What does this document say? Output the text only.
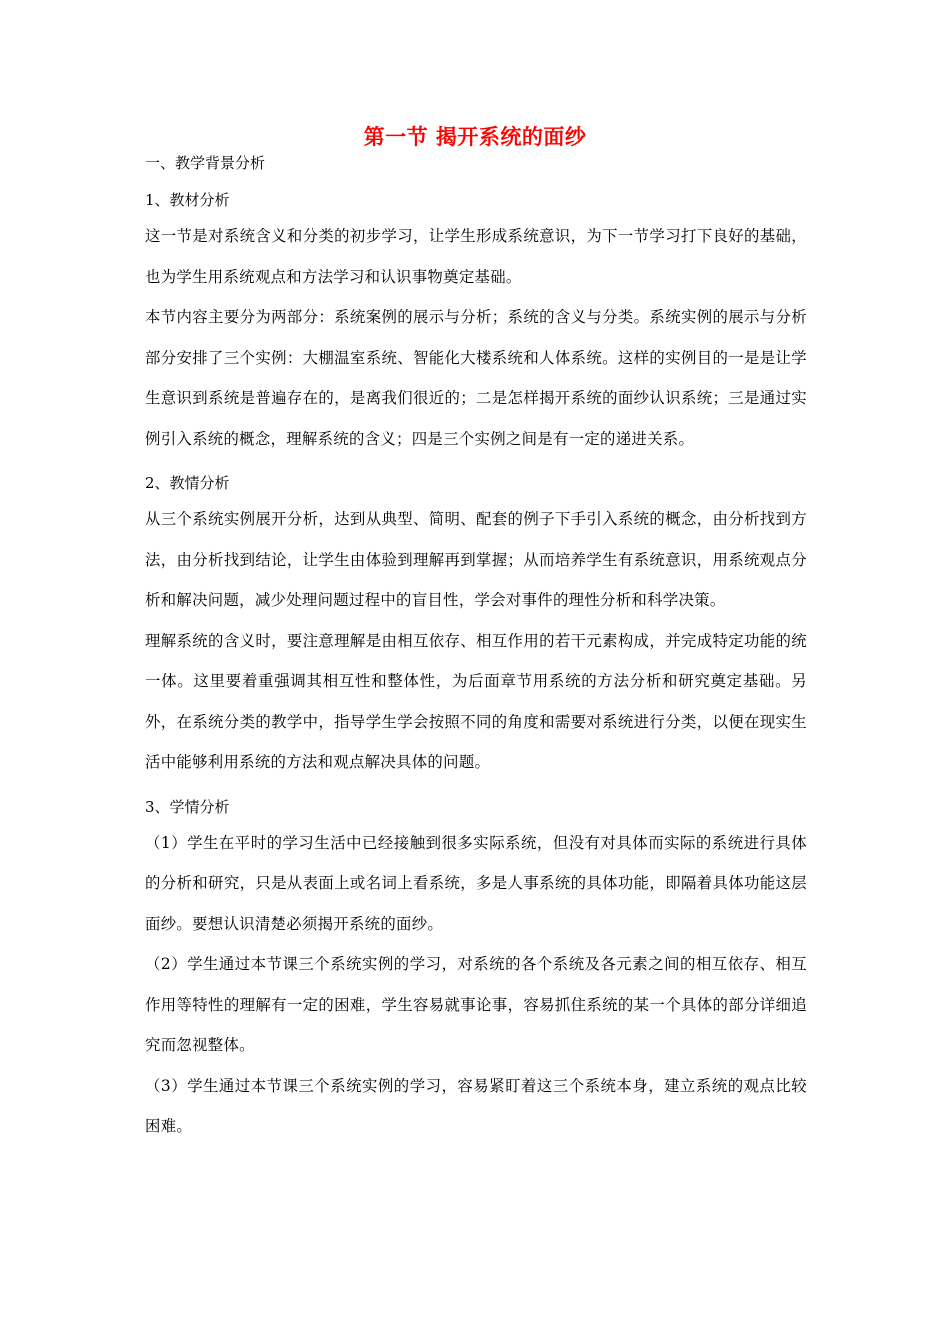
第一节 揭开系统的面纱

一、教学背景分析

1、教材分析

这一节是对系统含义和分类的初步学习，让学生形成系统意识，为下一节学习打下良好的基础，也为学生用系统观点和方法学习和认识事物奠定基础。

本节内容主要分为两部分：系统案例的展示与分析；系统的含义与分类。系统实例的展示与分析部分安排了三个实例：大棚温室系统、智能化大楼系统和人体系统。这样的实例目的一是是让学生意识到系统是普遍存在的，是离我们很近的；二是怎样揭开系统的面纱认识系统；三是通过实例引入系统的概念，理解系统的含义；四是三个实例之间是有一定的递进关系。

2、教情分析

从三个系统实例展开分析，达到从典型、简明、配套的例子下手引入系统的概念，由分析找到方法，由分析找到结论，让学生由体验到理解再到掌握；从而培养学生有系统意识，用系统观点分析和解决问题，减少处理问题过程中的盲目性，学会对事件的理性分析和科学决策。

理解系统的含义时，要注意理解是由相互依存、相互作用的若干元素构成，并完成特定功能的统一体。这里要着重强调其相互性和整体性，为后面章节用系统的方法分析和研究奠定基础。另外，在系统分类的教学中，指导学生学会按照不同的角度和需要对系统进行分类，以便在现实生活中能够利用系统的方法和观点解决具体的问题。

3、学情分析

（1）学生在平时的学习生活中已经接触到很多实际系统，但没有对具体而实际的系统进行具体的分析和研究，只是从表面上或名词上看系统，多是人事系统的具体功能，即隔着具体功能这层面纱。要想认识清楚必须揭开系统的面纱。

（2）学生通过本节课三个系统实例的学习，对系统的各个系统及各元素之间的相互依存、相互作用等特性的理解有一定的困难，学生容易就事论事，容易抓住系统的某一个具体的部分详细追究而忽视整体。

（3）学生通过本节课三个系统实例的学习，容易紧盯着这三个系统本身，建立系统的观点比较困难。
